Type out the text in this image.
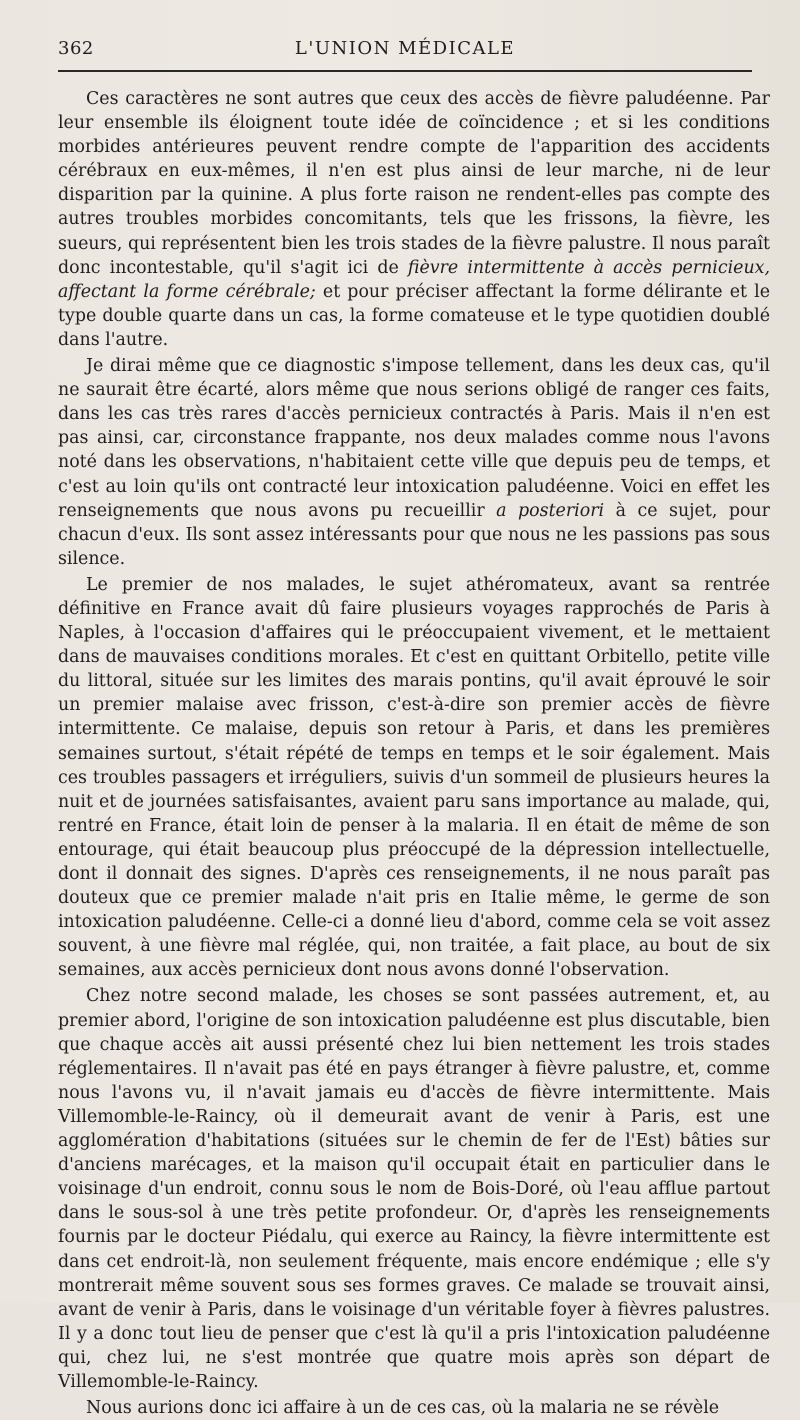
362	L'UNION MÉDICALE

Ces caractères ne sont autres que ceux des accès de fièvre paludéenne. Par leur ensemble ils éloignent toute idée de coïncidence ; et si les conditions morbides antérieures peuvent rendre compte de l'apparition des accidents cérébraux en eux-mêmes, il n'en est plus ainsi de leur marche, ni de leur disparition par la quinine. A plus forte raison ne rendent-elles pas compte des autres troubles morbides concomitants, tels que les frissons, la fièvre, les sueurs, qui représentent bien les trois stades de la fièvre palustre. Il nous paraît donc incontestable, qu'il s'agit ici de fièvre intermittente à accès pernicieux, affectant la forme cérébrale; et pour préciser affectant la forme délirante et le type double quarte dans un cas, la forme comateuse et le type quotidien doublé dans l'autre.

Je dirai même que ce diagnostic s'impose tellement, dans les deux cas, qu'il ne saurait être écarté, alors même que nous serions obligé de ranger ces faits, dans les cas très rares d'accès pernicieux contractés à Paris. Mais il n'en est pas ainsi, car, circonstance frappante, nos deux malades comme nous l'avons noté dans les observations, n'habitaient cette ville que depuis peu de temps, et c'est au loin qu'ils ont contracté leur intoxication paludéenne. Voici en effet les renseignements que nous avons pu recueillir a posteriori à ce sujet, pour chacun d'eux. Ils sont assez intéressants pour que nous ne les passions pas sous silence.

Le premier de nos malades, le sujet athéromateux, avant sa rentrée définitive en France avait dû faire plusieurs voyages rapprochés de Paris à Naples, à l'occasion d'affaires qui le préoccupaient vivement, et le mettaient dans de mauvaises conditions morales. Et c'est en quittant Orbitello, petite ville du littoral, située sur les limites des marais pontins, qu'il avait éprouvé le soir un premier malaise avec frisson, c'est-à-dire son premier accès de fièvre intermittente. Ce malaise, depuis son retour à Paris, et dans les premières semaines surtout, s'était répété de temps en temps et le soir également. Mais ces troubles passagers et irréguliers, suivis d'un sommeil de plusieurs heures la nuit et de journées satisfaisantes, avaient paru sans importance au malade, qui, rentré en France, était loin de penser à la malaria. Il en était de même de son entourage, qui était beaucoup plus préoccupé de la dépression intellectuelle, dont il donnait des signes. D'après ces renseignements, il ne nous paraît pas douteux que ce premier malade n'ait pris en Italie même, le germe de son intoxication paludéenne. Celle-ci a donné lieu d'abord, comme cela se voit assez souvent, à une fièvre mal réglée, qui, non traitée, a fait place, au bout de six semaines, aux accès pernicieux dont nous avons donné l'observation.

Chez notre second malade, les choses se sont passées autrement, et, au premier abord, l'origine de son intoxication paludéenne est plus discutable, bien que chaque accès ait aussi présenté chez lui bien nettement les trois stades réglementaires. Il n'avait pas été en pays étranger à fièvre palustre, et, comme nous l'avons vu, il n'avait jamais eu d'accès de fièvre intermittente. Mais Villemomble-le-Raincy, où il demeurait avant de venir à Paris, est une agglomération d'habitations (situées sur le chemin de fer de l'Est) bâties sur d'anciens marécages, et la maison qu'il occupait était en particulier dans le voisinage d'un endroit, connu sous le nom de Bois-Doré, où l'eau afflue partout dans le sous-sol à une très petite profondeur. Or, d'après les renseignements fournis par le docteur Piédalu, qui exerce au Raincy, la fièvre intermittente est dans cet endroit-là, non seulement fréquente, mais encore endémique ; elle s'y montrerait même souvent sous ses formes graves. Ce malade se trouvait ainsi, avant de venir à Paris, dans le voisinage d'un véritable foyer à fièvres palustres. Il y a donc tout lieu de penser que c'est là qu'il a pris l'intoxication paludéenne qui, chez lui, ne s'est montrée que quatre mois après son départ de Villemomble-le-Raincy.

Nous aurions donc ici affaire à un de ces cas, où la malaria ne se révèle
